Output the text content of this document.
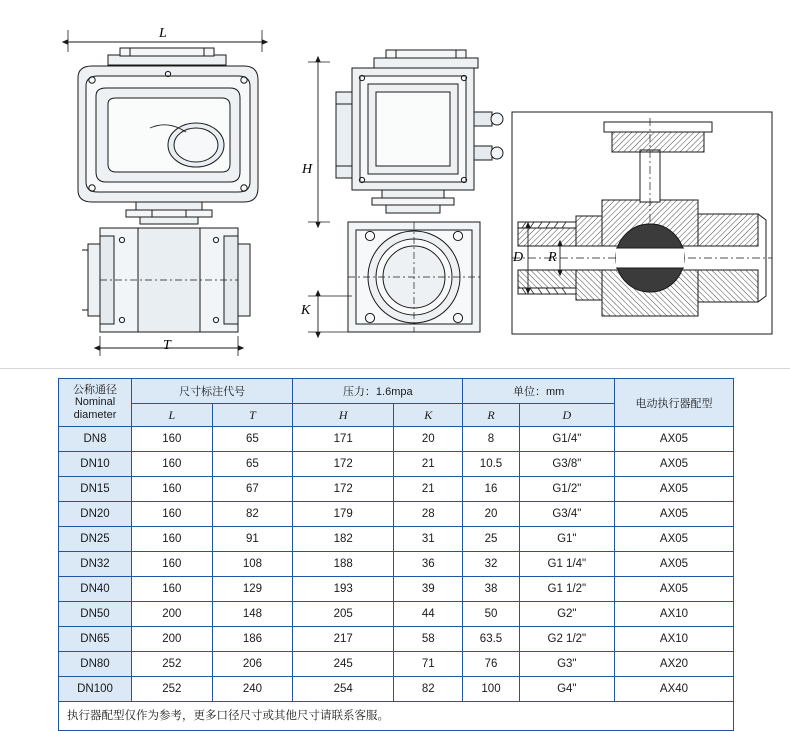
L
H
K
T
D R
公称通径
Nominal
diameter	尺寸标注代号		压力：1.6mpa		单位：mm		电动执行器配型
	L	T	H	K	R	D	
DN8	160	65	171	20	8	G1/4"	AX05
DN10	160	65	172	21	10.5	G3/8"	AX05
DN15	160	67	172	21	16	G1/2"	AX05
DN20	160	82	179	28	20	G3/4"	AX05
DN25	160	91	182	31	25	G1"	AX05
DN32	160	108	188	36	32	G1 1/4"	AX05
DN40	160	129	193	39	38	G1 1/2"	AX05
DN50	200	148	205	44	50	G2"	AX10
DN65	200	186	217	58	63.5	G2 1/2"	AX10
DN80	252	206	245	71	76	G3"	AX20
DN100	252	240	254	82	100	G4"	AX40
执行器配型仅作为参考，更多口径尺寸或其他尺寸请联系客服。							
